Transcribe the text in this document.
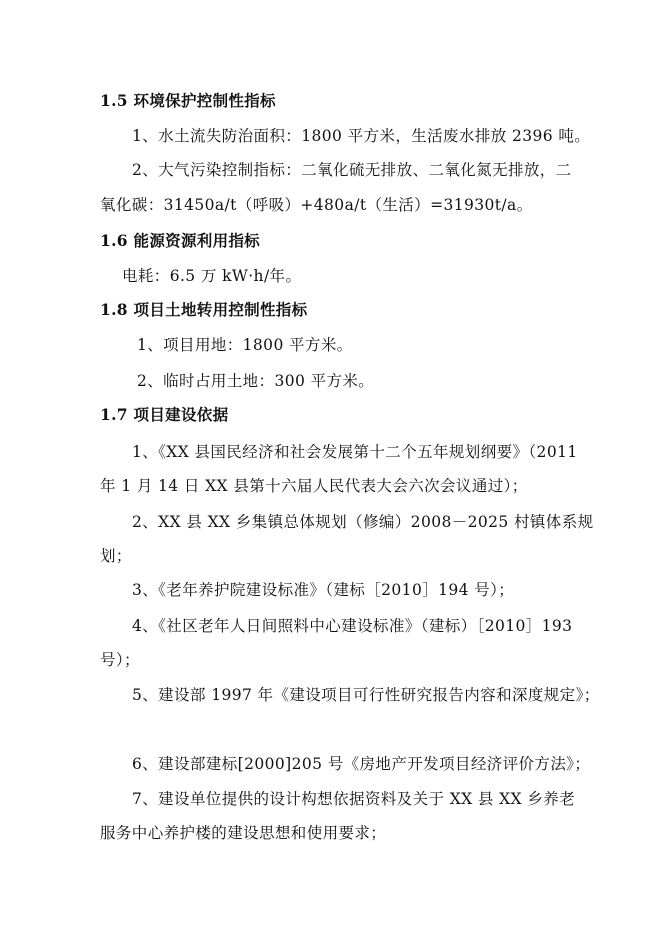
1.5 环境保护控制性指标
1、水土流失防治面积：1800 平方米，生活废水排放 2396 吨。
2、大气污染控制指标：二氧化硫无排放、二氧化氮无排放，二
氧化碳：31450a/t（呼吸）+480a/t（生活）=31930t/a。
1.6 能源资源利用指标
电耗：6.5 万 kW·h/年。
1.8 项目土地转用控制性指标
1、项目用地：1800 平方米。
2、临时占用土地：300 平方米。
1.7 项目建设依据
1、《XX 县国民经济和社会发展第十二个五年规划纲要》（2011
年 1 月 14 日 XX 县第十六届人民代表大会六次会议通过）；
2、XX 县 XX 乡集镇总体规划（修编）2008－2025 村镇体系规
划；
3、《老年养护院建设标准》（建标［2010］194 号）；
4、《社区老年人日间照料中心建设标准》（建标）［2010］193
号）；
5、建设部 1997 年《建设项目可行性研究报告内容和深度规定》；
6、建设部建标[2000]205 号《房地产开发项目经济评价方法》；
7、建设单位提供的设计构想依据资料及关于 XX 县 XX 乡养老
服务中心养护楼的建设思想和使用要求；
